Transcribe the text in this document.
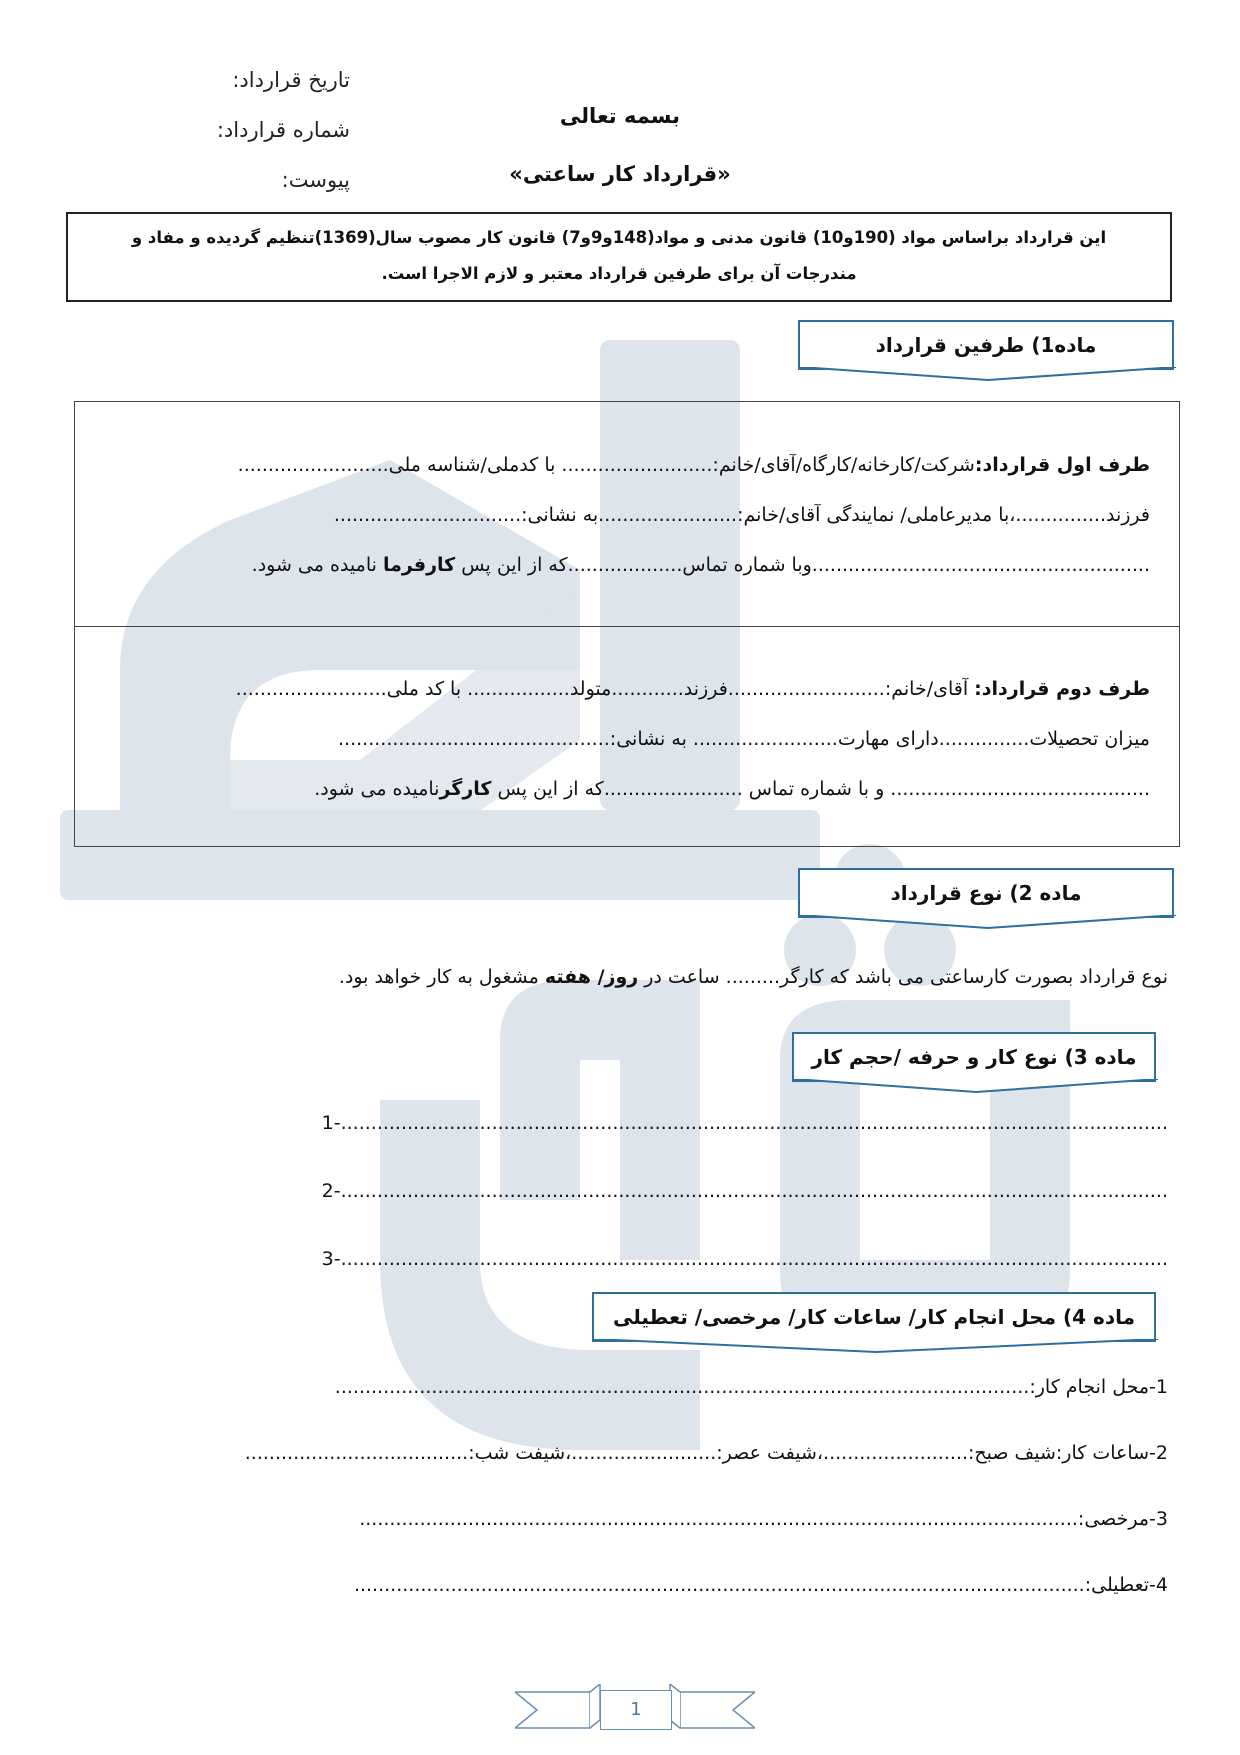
تاریخ قرارداد:
شماره قرارداد:
پیوست:
بسمه تعالی
«قرارداد کار ساعتی»
این قرارداد براساس مواد (190و10) قانون مدنی و مواد(148و9و7) قانون کار مصوب سال(1369)تنظیم گردیده و مفاد و
مندرجات آن برای طرفین قرارداد معتبر و لازم الاجرا است.
ماده1) طرفین قرارداد
طرف اول قرارداد:شرکت/کارخانه/کارگاه/آقای/خانم:......................... با کدملی/شناسه ملی.........................
فرزند...............،با مدیرعاملی/ نمایندگی آقای/خانم:.......................به نشانی:...............................
........................................................وبا شماره تماس...................که از این پس کارفرما نامیده می شود.
طرف دوم قرارداد: آقای/خانم:..........................فرزند............متولد................. با کد ملی.........................
میزان تحصیلات...............دارای مهارت........................ به نشانی:.............................................
........................................... و با شماره تماس .......................که از این پس کارگرنامیده می شود.
ماده 2) نوع قرارداد
نوع قرارداد بصورت کارساعتی می باشد که کارگر......... ساعت در روز/ هفته مشغول به کار خواهد بود.
ماده 3) نوع کار و حرفه /حجم کار
1-.........................................................................................................................................
2-.........................................................................................................................................
3-.........................................................................................................................................
ماده 4) محل انجام کار/ ساعات کار/ مرخصی/ تعطیلی
1-محل انجام کار:...................................................................................................................
2-ساعات کار:شیف صبح:........................،شیفت عصر:........................،شیفت شب:.....................................
3-مرخصی:.......................................................................................................................
4-تعطیلی:.........................................................................................................................
1
